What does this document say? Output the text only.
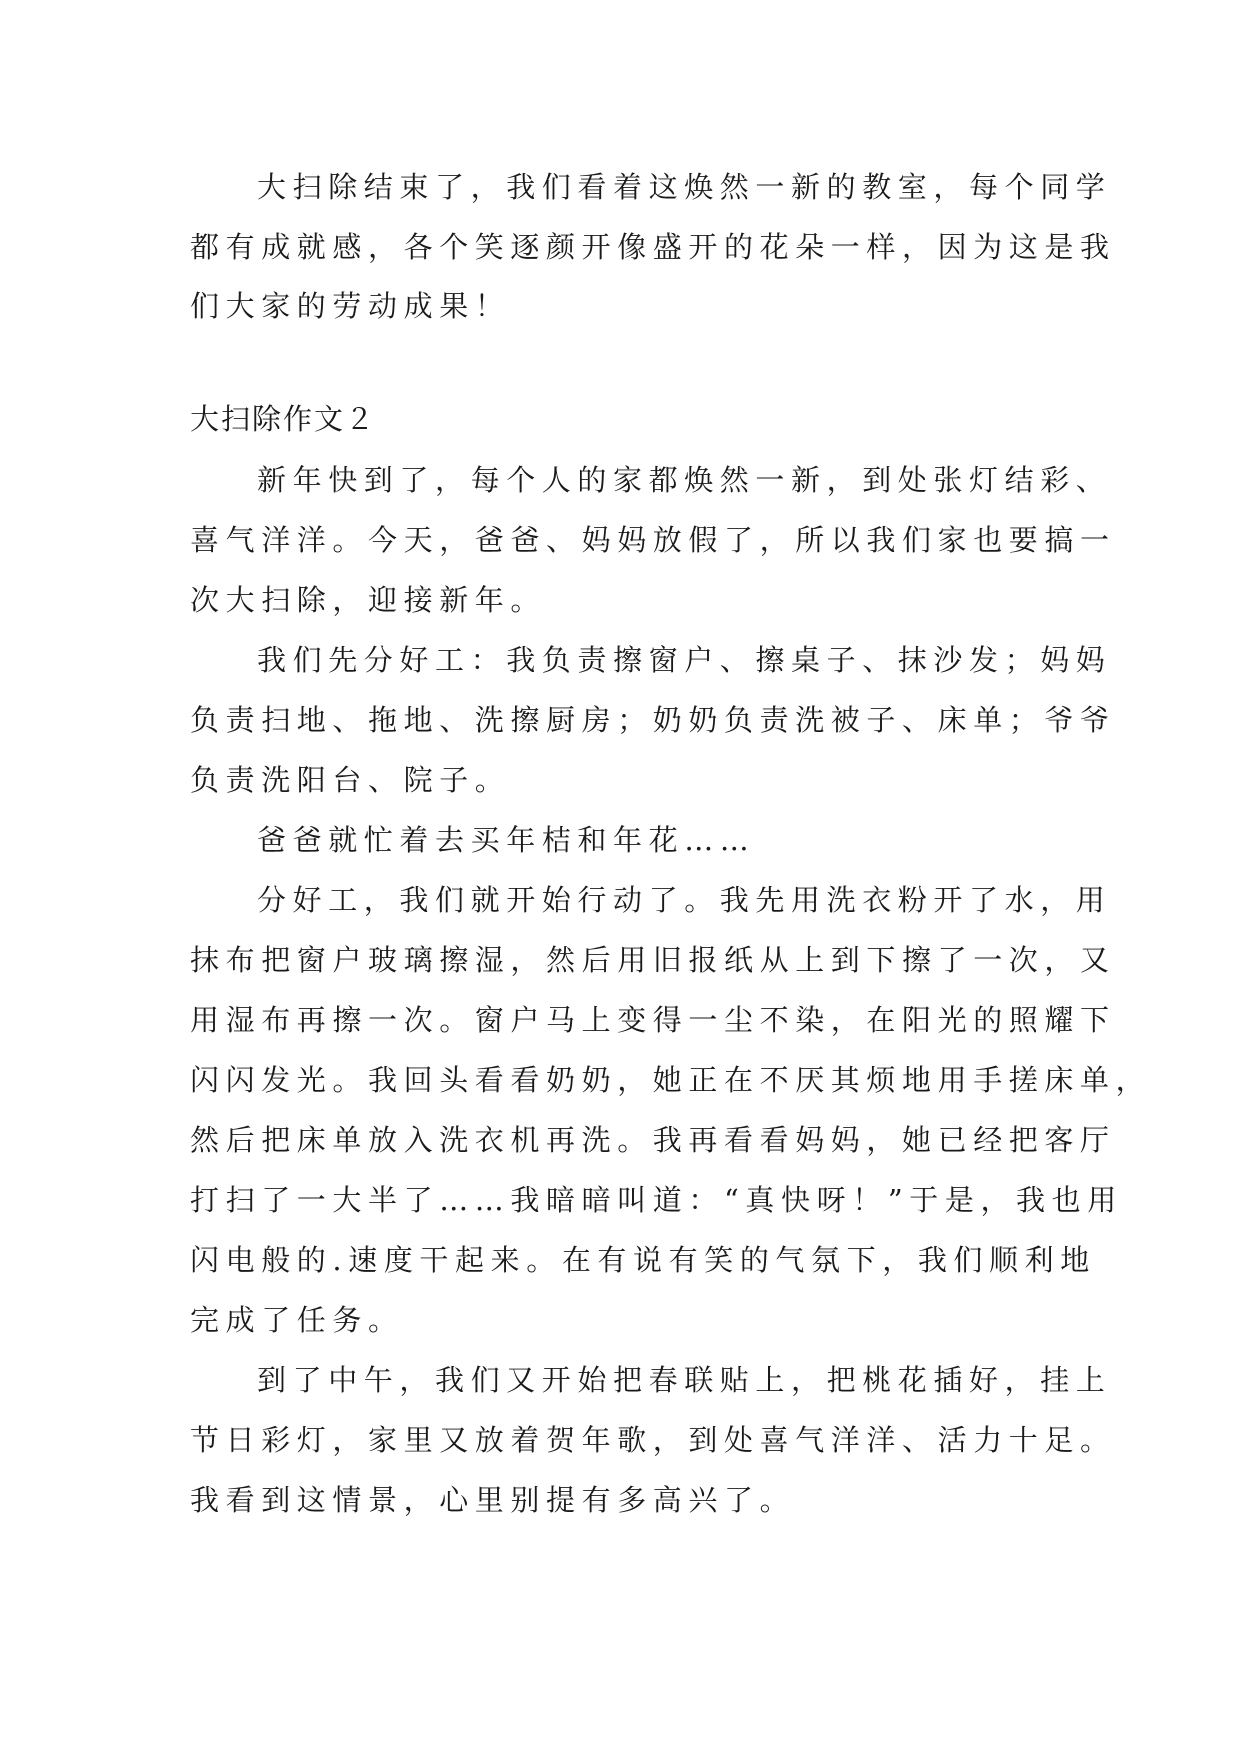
大扫除结束了，我们看着这焕然一新的教室，每个同学
都有成就感，各个笑逐颜开像盛开的花朵一样，因为这是我
们大家的劳动成果！
大扫除作文２
新年快到了，每个人的家都焕然一新，到处张灯结彩、
喜气洋洋。今天，爸爸、妈妈放假了，所以我们家也要搞一
次大扫除，迎接新年。
我们先分好工：我负责擦窗户、擦桌子、抹沙发；妈妈
负责扫地、拖地、洗擦厨房；奶奶负责洗被子、床单；爷爷
负责洗阳台、院子。
爸爸就忙着去买年桔和年花……
分好工，我们就开始行动了。我先用洗衣粉开了水，用
抹布把窗户玻璃擦湿，然后用旧报纸从上到下擦了一次，又
用湿布再擦一次。窗户马上变得一尘不染，在阳光的照耀下
闪闪发光。我回头看看奶奶，她正在不厌其烦地用手搓床单，
然后把床单放入洗衣机再洗。我再看看妈妈，她已经把客厅
打扫了一大半了……我暗暗叫道：“真快呀！”于是，我也用
闪电般的.速度干起来。在有说有笑的气氛下，我们顺利地
完成了任务。
到了中午，我们又开始把春联贴上，把桃花插好，挂上
节日彩灯，家里又放着贺年歌，到处喜气洋洋、活力十足。
我看到这情景，心里别提有多高兴了。
